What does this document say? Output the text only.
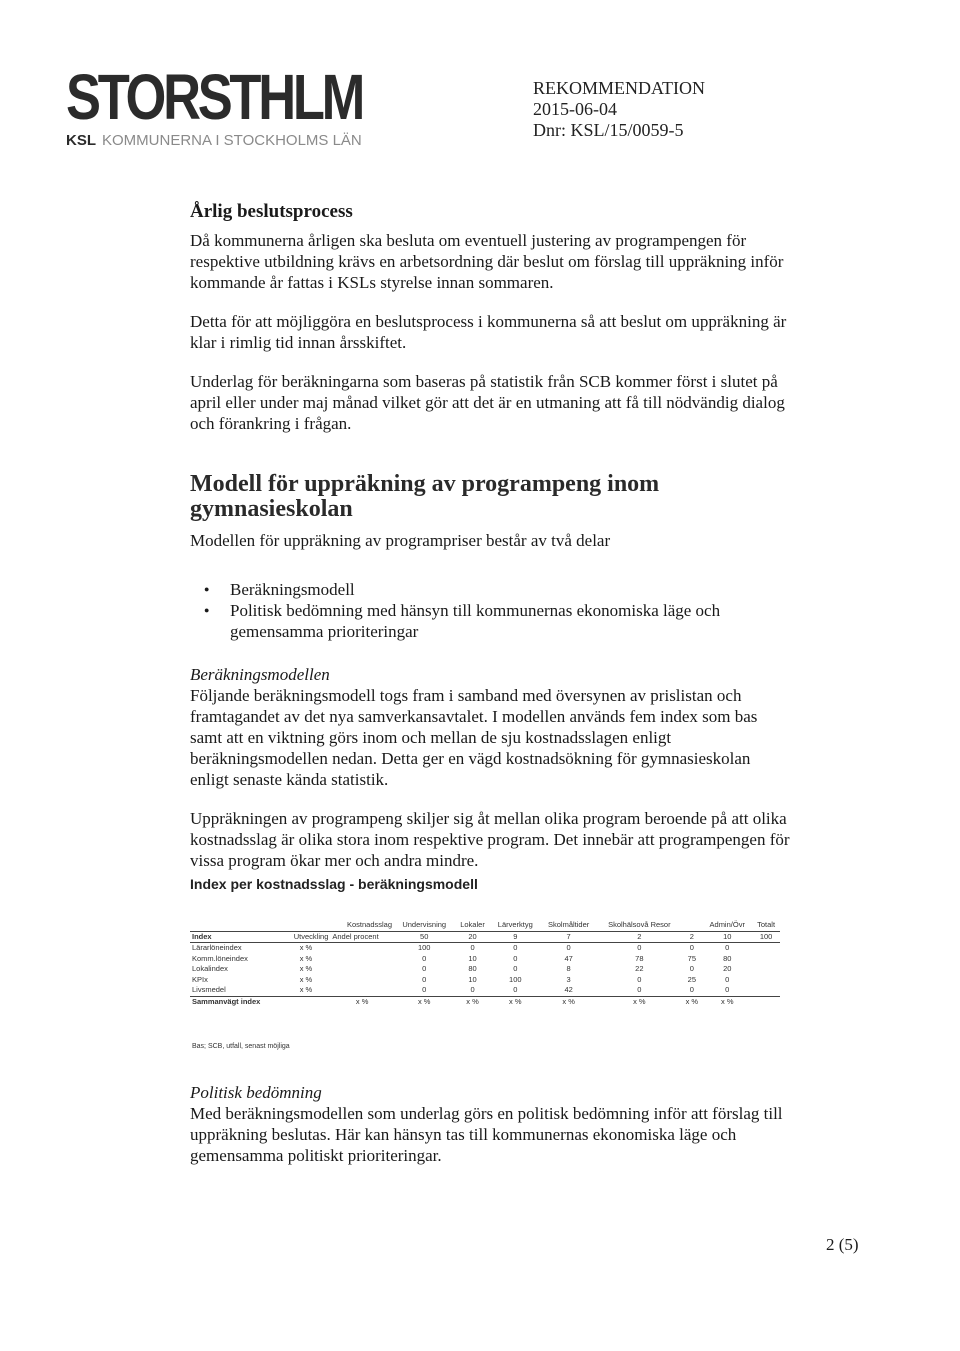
STORSTHLM
KSL KOMMUNERNA I STOCKHOLMS LÄN
REKOMMENDATION
2015-06-04
Dnr: KSL/15/0059-5
Årlig beslutsprocess

Då kommunerna årligen ska besluta om eventuell justering av programpengen för respektive utbildning krävs en arbetsordning där beslut om förslag till uppräkning inför kommande år fattas i KSLs styrelse innan sommaren.

Detta för att möjliggöra en beslutsprocess i kommunerna så att beslut om uppräkning är klar i rimlig tid innan årsskiftet.

Underlag för beräkningarna som baseras på statistik från SCB kommer först i slutet på april eller under maj månad vilket gör att det är en utmaning att få till nödvändig dialog och förankring i frågan.

Modell för uppräkning av programpeng inom gymnasieskolan

Modellen för uppräkning av programpriser består av två delar

● Beräkningsmodell
● Politisk bedömning med hänsyn till kommunernas ekonomiska läge och gemensamma prioriteringar
Beräkningsmodellen

Följande beräkningsmodell togs fram i samband med översynen av prislistan och framtagandet av det nya samverkansavtalet. I modellen används fem index som bas samt att en viktning görs inom och mellan de sju kostnadsslagen enligt beräkningsmodellen nedan. Detta ger en vägd kostnadsökning för gymnasieskolan enligt senaste kända statistik.

Uppräkningen av programpeng skiljer sig åt mellan olika program beroende på att olika kostnadsslag är olika stora inom respektive program. Det innebär att programpengen för vissa program ökar mer och andra mindre.

Index per kostnadsslag - beräkningsmodell
	Kostnadsslag		Undervisning	Lokaler	Lärverktyg	Skolmåltider	Skolhälsovå Resor		Admin/Övr	Totalt
Index	Utveckling	Andel procent	50	20	9	7	2	2	10	100
Lärarlöneindex	x %		100	0	0	0	0	0	0	
Komm.löneindex	x %		0	10	0	47	78	75	80	
Lokalindex	x %		0	80	0	8	22	0	20	
KPIx	x %		0	10	100	3	0	25	0	
Livsmedel	x %		0	0	0	42	0	0	0	
Sammanvägt index		x %	x %	x %	x %	x %	x %	x %	x %	
Bas; SCB, utfall, senast möjliga
Politisk bedömning

Med beräkningsmodellen som underlag görs en politisk bedömning inför att förslag till uppräkning beslutas. Här kan hänsyn tas till kommunernas ekonomiska läge och gemensamma politiskt prioriteringar.

2 (5)
